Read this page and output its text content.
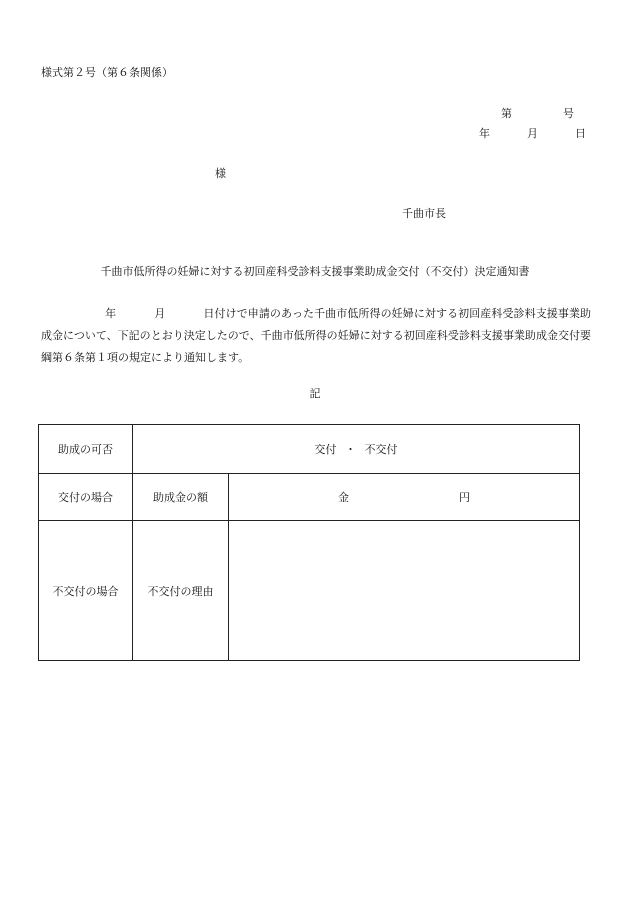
様式第２号（第６条関係）
第	号
年	月	日
様
千曲市長
千曲市低所得の妊婦に対する初回産科受診料支援事業助成金交付（不交付）決定通知書
年	月	日付けで申請のあった千曲市低所得の妊婦に対する初回産科受診料支援事業助成金について、下記のとおり決定したので、千曲市低所得の妊婦に対する初回産科受診料支援事業助成金交付要綱第６条第１項の規定により通知します。
記
助成の可否	交付 ・ 不交付	
交付の場合	助成金の額	金 円
不交付の場合	不交付の理由	
